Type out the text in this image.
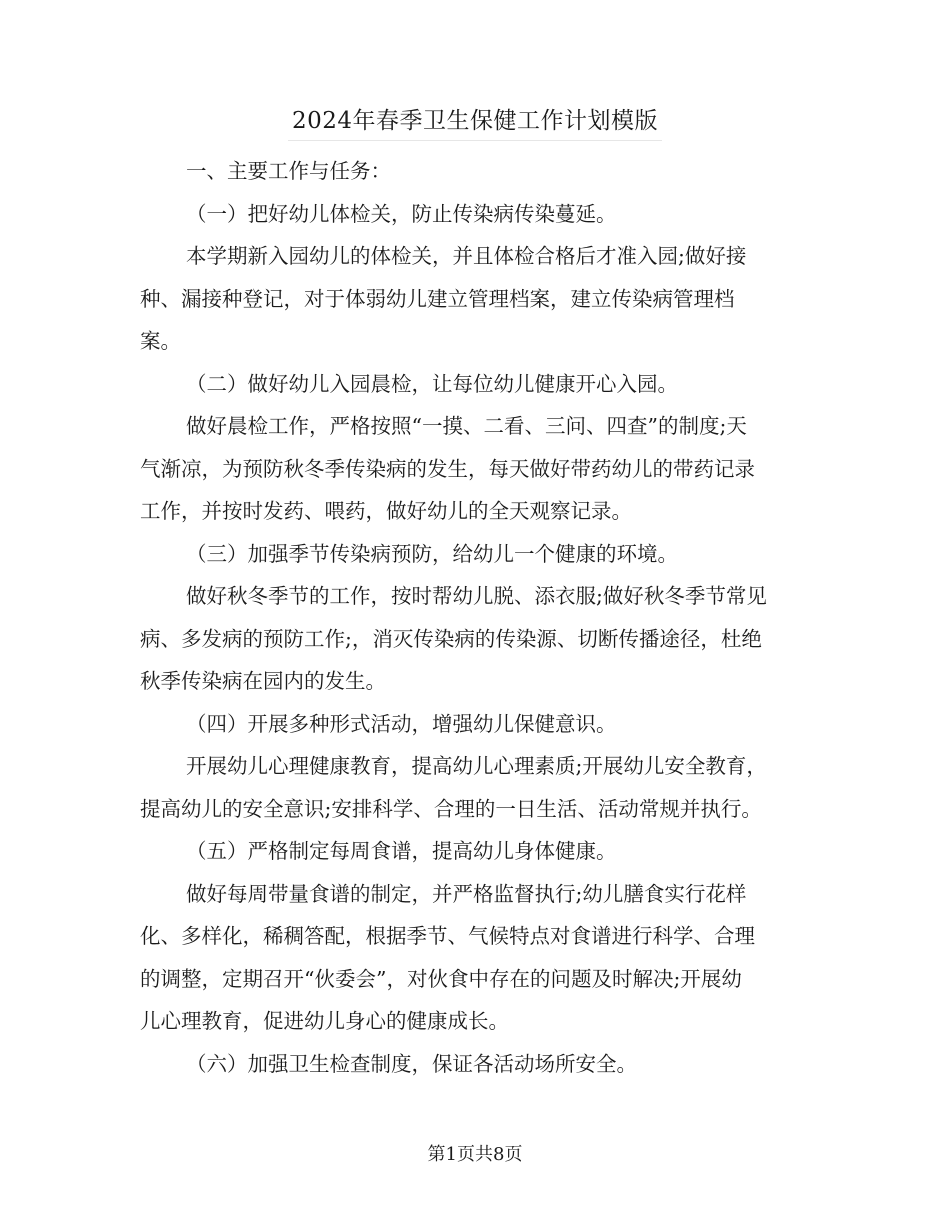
2024年春季卫生保健工作计划模版
一、主要工作与任务：
（一）把好幼儿体检关，防止传染病传染蔓延。
本学期新入园幼儿的体检关，并且体检合格后才准入园;做好接
种、漏接种登记，对于体弱幼儿建立管理档案，建立传染病管理档
案。
（二）做好幼儿入园晨检，让每位幼儿健康开心入园。
做好晨检工作，严格按照“一摸、二看、三问、四查”的制度;天
气渐凉，为预防秋冬季传染病的发生，每天做好带药幼儿的带药记录
工作，并按时发药、喂药，做好幼儿的全天观察记录。
（三）加强季节传染病预防，给幼儿一个健康的环境。
做好秋冬季节的工作，按时帮幼儿脱、添衣服;做好秋冬季节常见
病、多发病的预防工作;，消灭传染病的传染源、切断传播途径，杜绝
秋季传染病在园内的发生。
（四）开展多种形式活动，增强幼儿保健意识。
开展幼儿心理健康教育，提高幼儿心理素质;开展幼儿安全教育，
提高幼儿的安全意识;安排科学、合理的一日生活、活动常规并执行。
（五）严格制定每周食谱，提高幼儿身体健康。
做好每周带量食谱的制定，并严格监督执行;幼儿膳食实行花样
化、多样化，稀稠答配，根据季节、气候特点对食谱进行科学、合理
的调整，定期召开“伙委会”，对伙食中存在的问题及时解决;开展幼
儿心理教育，促进幼儿身心的健康成长。
（六）加强卫生检查制度，保证各活动场所安全。
第1页共8页
